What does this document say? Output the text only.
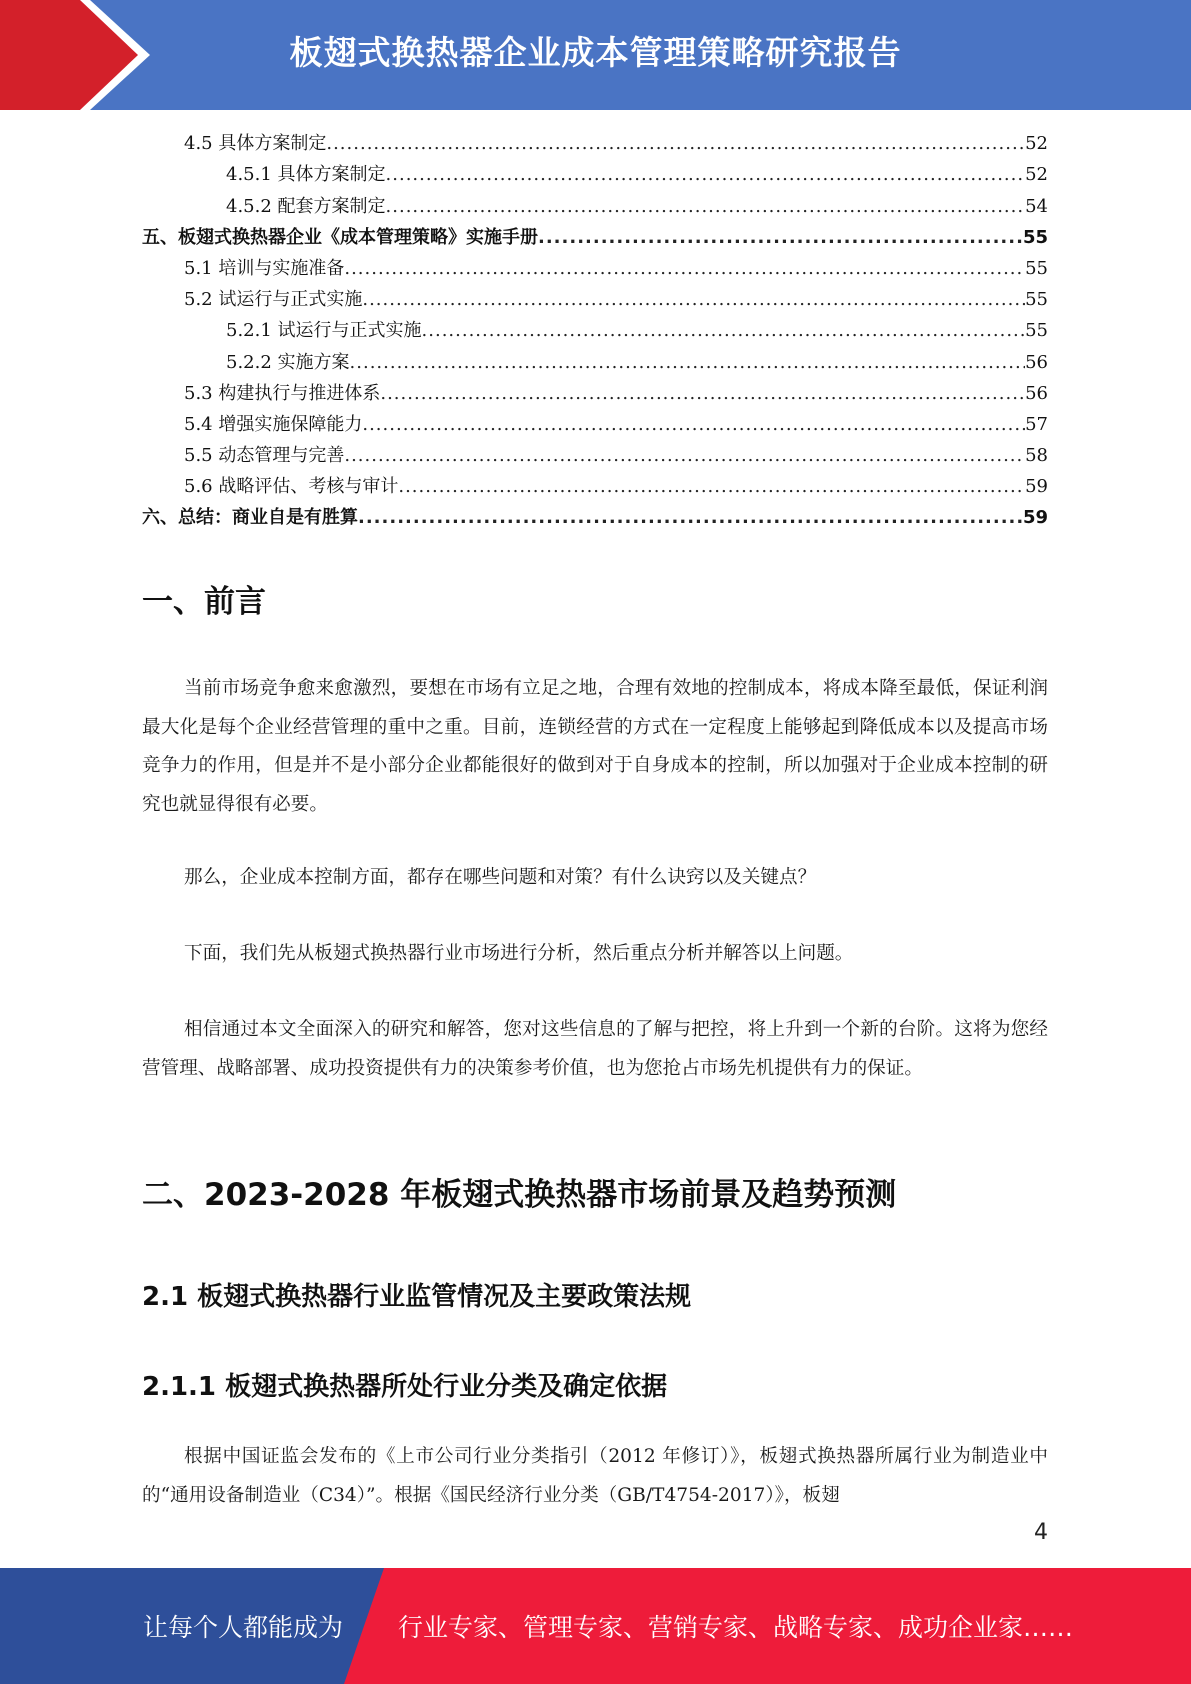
板翅式换热器企业成本管理策略研究报告
4.5 具体方案制定 .....	52
4.5.1 具体方案制定 .....	52
4.5.2 配套方案制定 .....	54
五、板翅式换热器企业《成本管理策略》实施手册 .....	55
5.1 培训与实施准备 .....	55
5.2 试运行与正式实施 .....	55
5.2.1 试运行与正式实施 .....	55
5.2.2 实施方案 .....	56
5.3 构建执行与推进体系 .....	56
5.4 增强实施保障能力 .....	57
5.5 动态管理与完善 .....	58
5.6 战略评估、考核与审计 .....	59
六、总结：商业自是有胜算 .....	59
一、前言
当前市场竞争愈来愈激烈，要想在市场有立足之地，合理有效地的控制成本，将成本降至最低，保证利润最大化是每个企业经营管理的重中之重。目前，连锁经营的方式在一定程度上能够起到降低成本以及提高市场竞争力的作用，但是并不是小部分企业都能很好的做到对于自身成本的控制，所以加强对于企业成本控制的研究也就显得很有必要。
那么，企业成本控制方面，都存在哪些问题和对策？有什么诀窍以及关键点？
下面，我们先从板翅式换热器行业市场进行分析，然后重点分析并解答以上问题。
相信通过本文全面深入的研究和解答，您对这些信息的了解与把控，将上升到一个新的台阶。这将为您经营管理、战略部署、成功投资提供有力的决策参考价值，也为您抢占市场先机提供有力的保证。
二、2023-2028 年板翅式换热器市场前景及趋势预测
2.1 板翅式换热器行业监管情况及主要政策法规
2.1.1 板翅式换热器所处行业分类及确定依据
根据中国证监会发布的《上市公司行业分类指引（2012 年修订）》，板翅式换热器所属行业为制造业中的“通用设备制造业（C34）”。根据《国民经济行业分类（GB/T4754-2017）》，板翅
4
让每个人都能成为 行业专家、管理专家、营销专家、战略专家、成功企业家……
